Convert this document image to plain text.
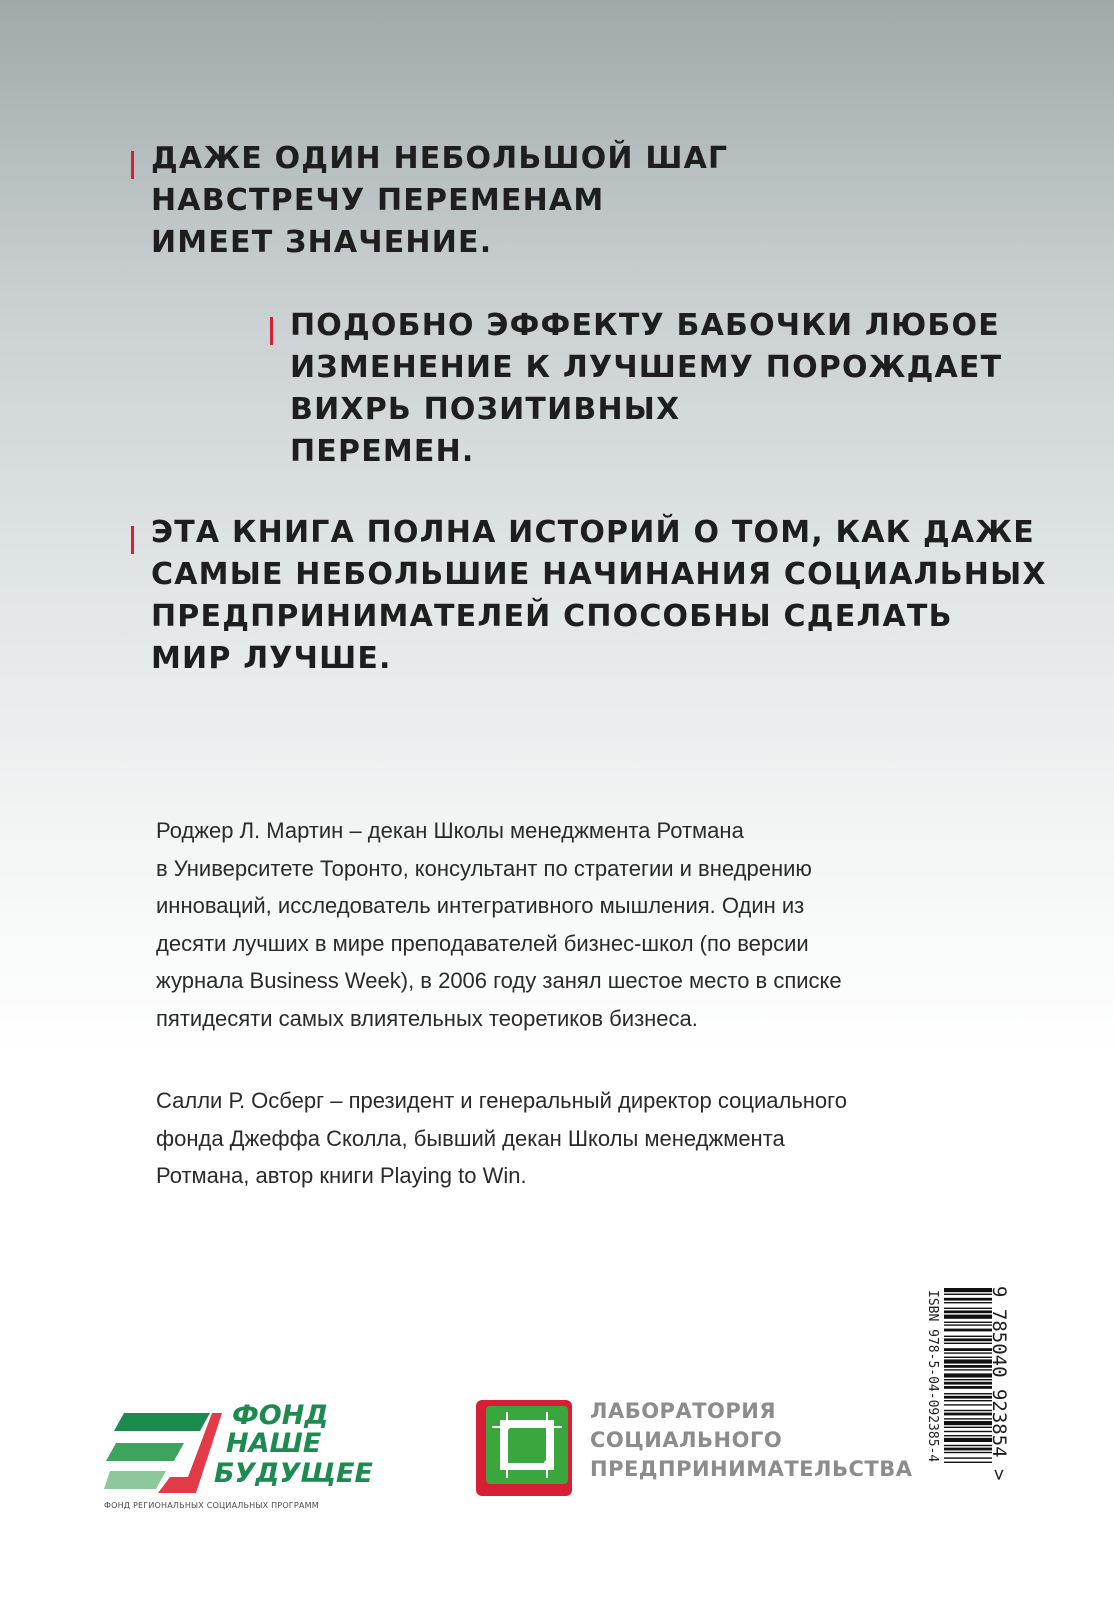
ДАЖЕ ОДИН НЕБОЛЬШОЙ ШАГ
НАВСТРЕЧУ ПЕРЕМЕНАМ
ИМЕЕТ ЗНАЧЕНИЕ.
ПОДОБНО ЭФФЕКТУ БАБОЧКИ ЛЮБОЕ
ИЗМЕНЕНИЕ К ЛУЧШЕМУ ПОРОЖДАЕТ
ВИХРЬ ПОЗИТИВНЫХ
ПЕРЕМЕН.
ЭТА КНИГА ПОЛНА ИСТОРИЙ О ТОМ, КАК ДАЖЕ
САМЫЕ НЕБОЛЬШИЕ НАЧИНАНИЯ СОЦИАЛЬНЫХ
ПРЕДПРИНИМАТЕЛЕЙ СПОСОБНЫ СДЕЛАТЬ
МИР ЛУЧШЕ.
Роджер Л. Мартин – декан Школы менеджмента Ротмана
в Университете Торонто, консультант по стратегии и внедрению
инноваций, исследователь интегративного мышления. Один из
десяти лучших в мире преподавателей бизнес-школ (по версии
журнала Business Week), в 2006 году занял шестое место в списке
пятидесяти самых влиятельных теоретиков бизнеса.
Салли Р. Осберг – президент и генеральный директор социального
фонда Джеффа Сколла, бывший декан Школы менеджмента
Ротмана, автор книги Playing to Win.
ФОНД
НАШЕ
БУДУЩЕЕ
ФОНД РЕГИОНАЛЬНЫХ СОЦИАЛЬНЫХ ПРОГРАММ
ЛАБОРАТОРИЯ
СОЦИАЛЬНОГО
ПРЕДПРИНИМАТЕЛЬСТВА
ISBN 978-5-04-092385-4	9 785040 923854 >
